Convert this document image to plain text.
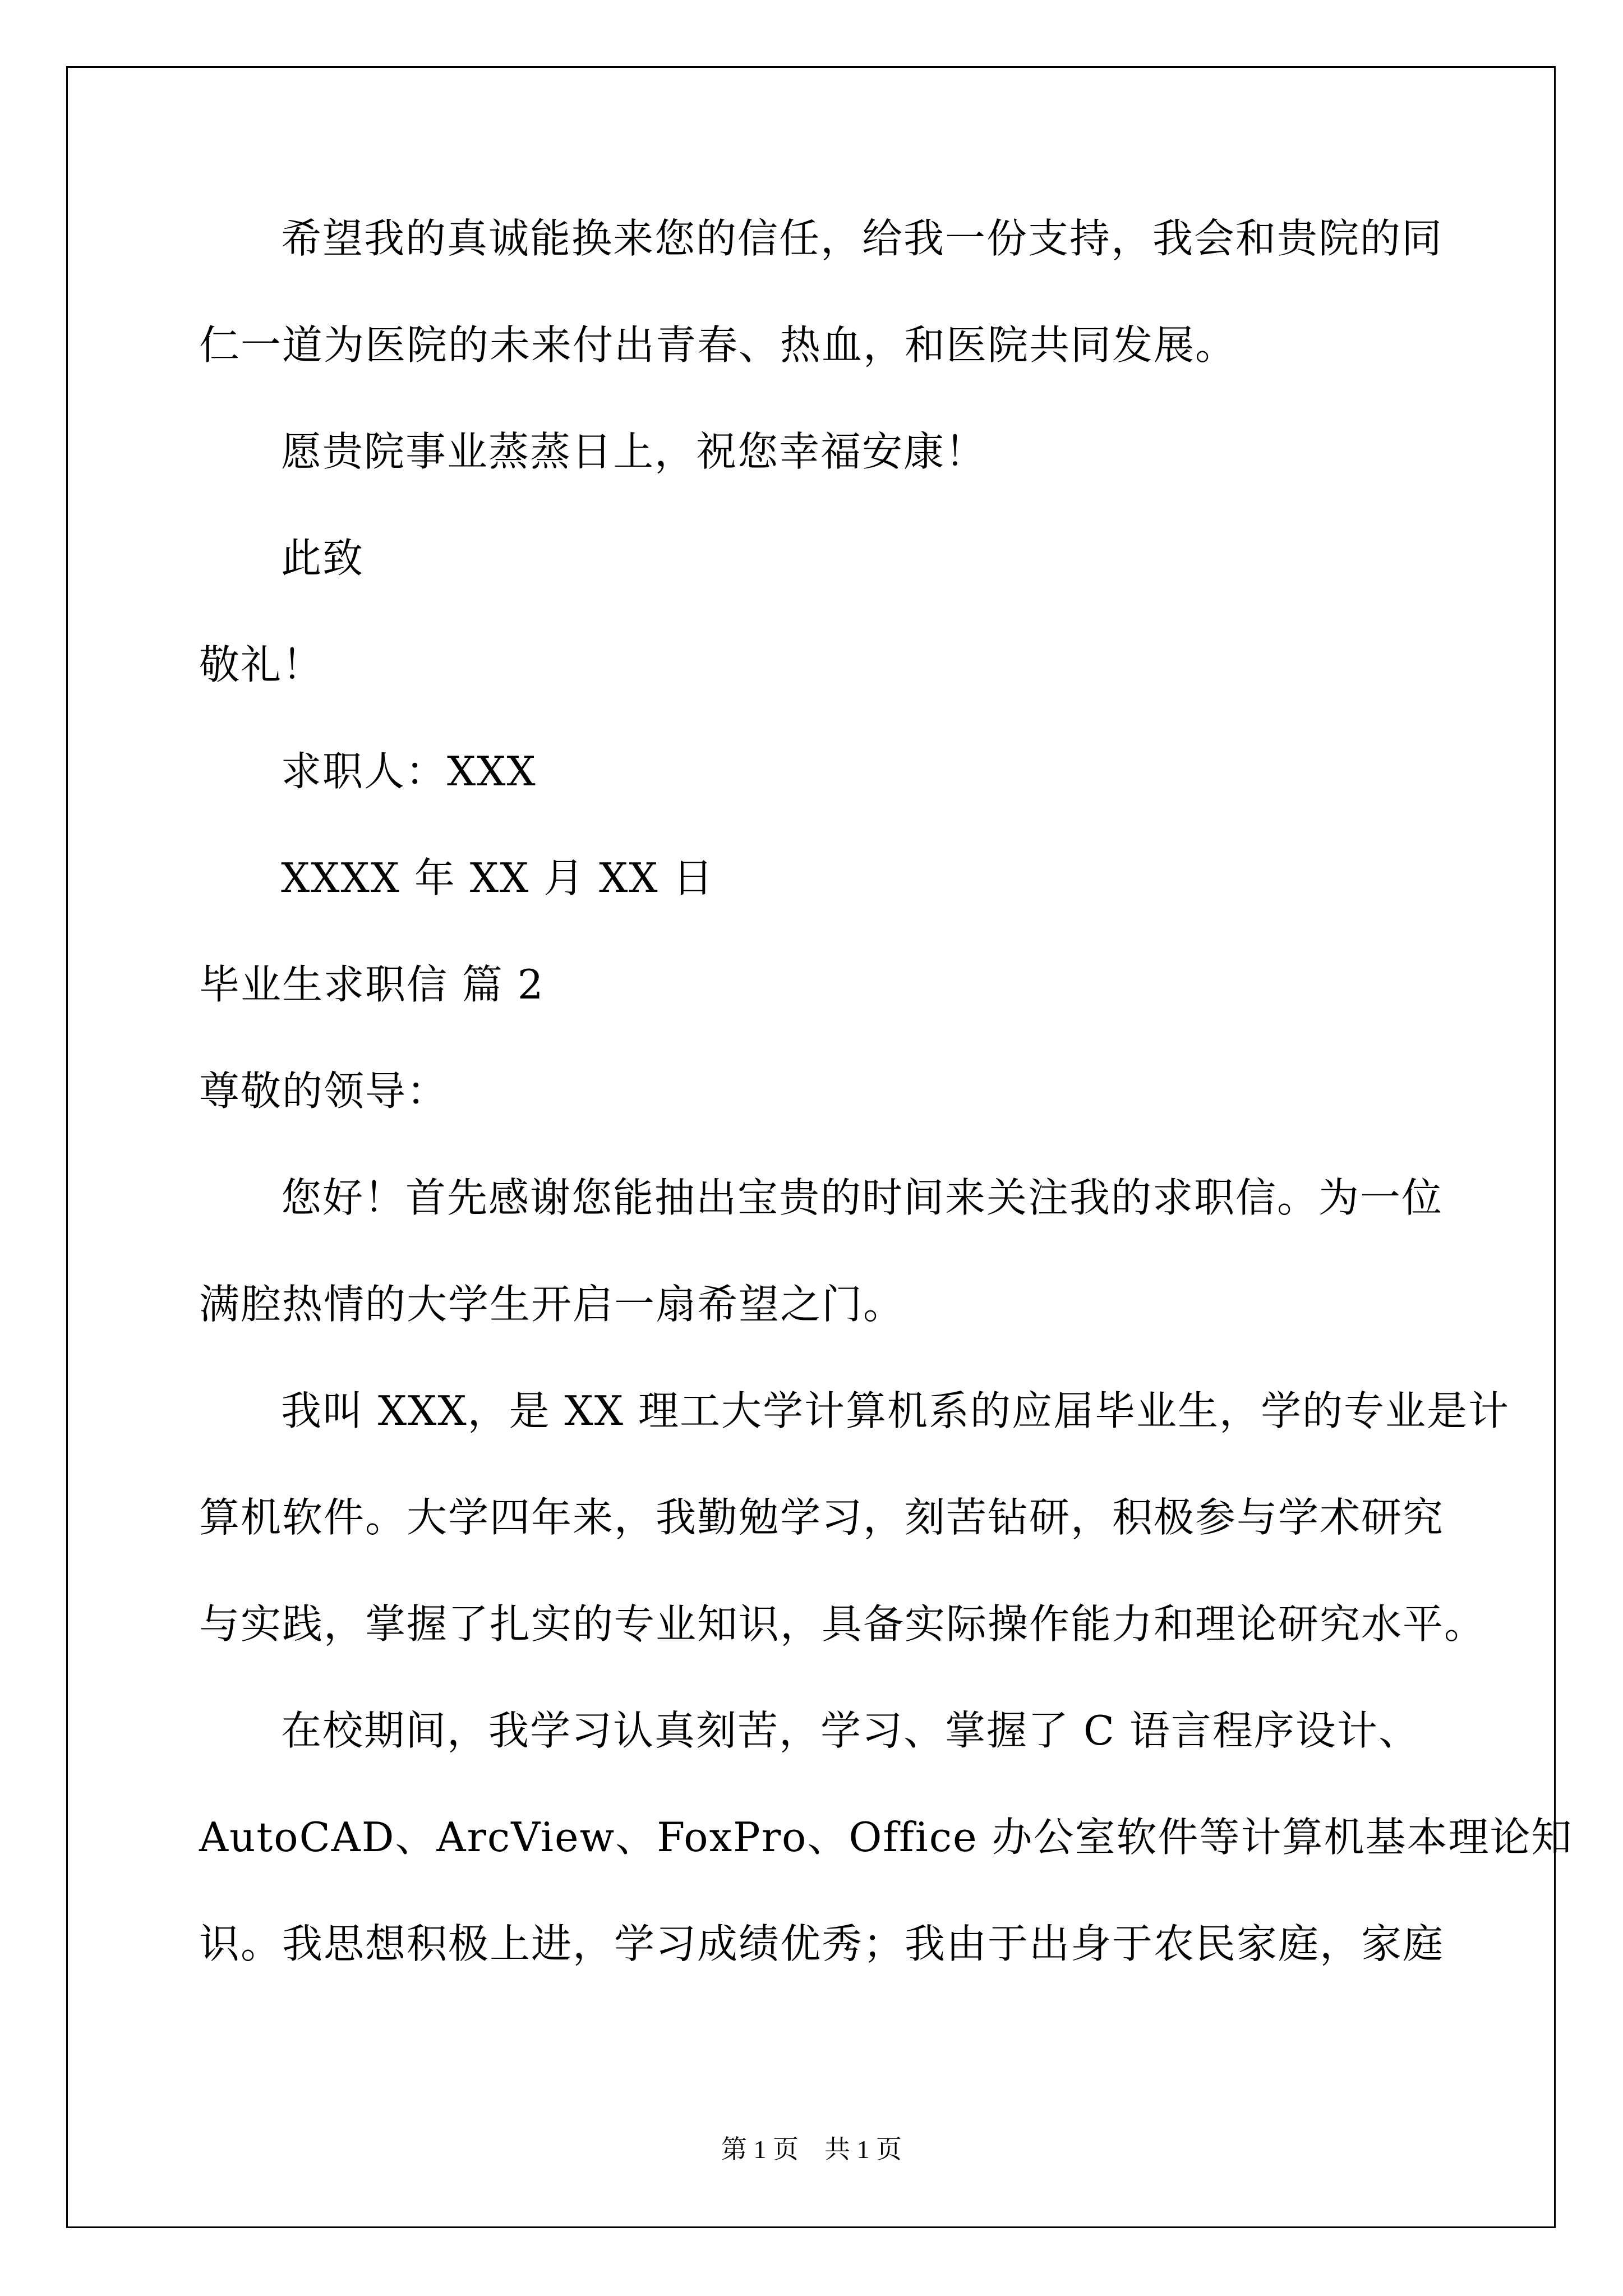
希望我的真诚能换来您的信任，给我一份支持，我会和贵院的同
仁一道为医院的未来付出青春、热血，和医院共同发展。
愿贵院事业蒸蒸日上，祝您幸福安康！
此致
敬礼！
求职人：XXX
XXXX 年 XX 月 XX 日
毕业生求职信 篇 2
尊敬的领导：
您好！首先感谢您能抽出宝贵的时间来关注我的求职信。为一位
满腔热情的大学生开启一扇希望之门。
我叫 XXX，是 XX 理工大学计算机系的应届毕业生，学的专业是计
算机软件。大学四年来，我勤勉学习，刻苦钻研，积极参与学术研究
与实践，掌握了扎实的专业知识，具备实际操作能力和理论研究水平。
在校期间，我学习认真刻苦，学习、掌握了 C 语言程序设计、
AutoCAD、ArcView、FoxPro、Office 办公室软件等计算机基本理论知
识。我思想积极上进，学习成绩优秀；我由于出身于农民家庭，家庭
第 1 页　共 1 页
